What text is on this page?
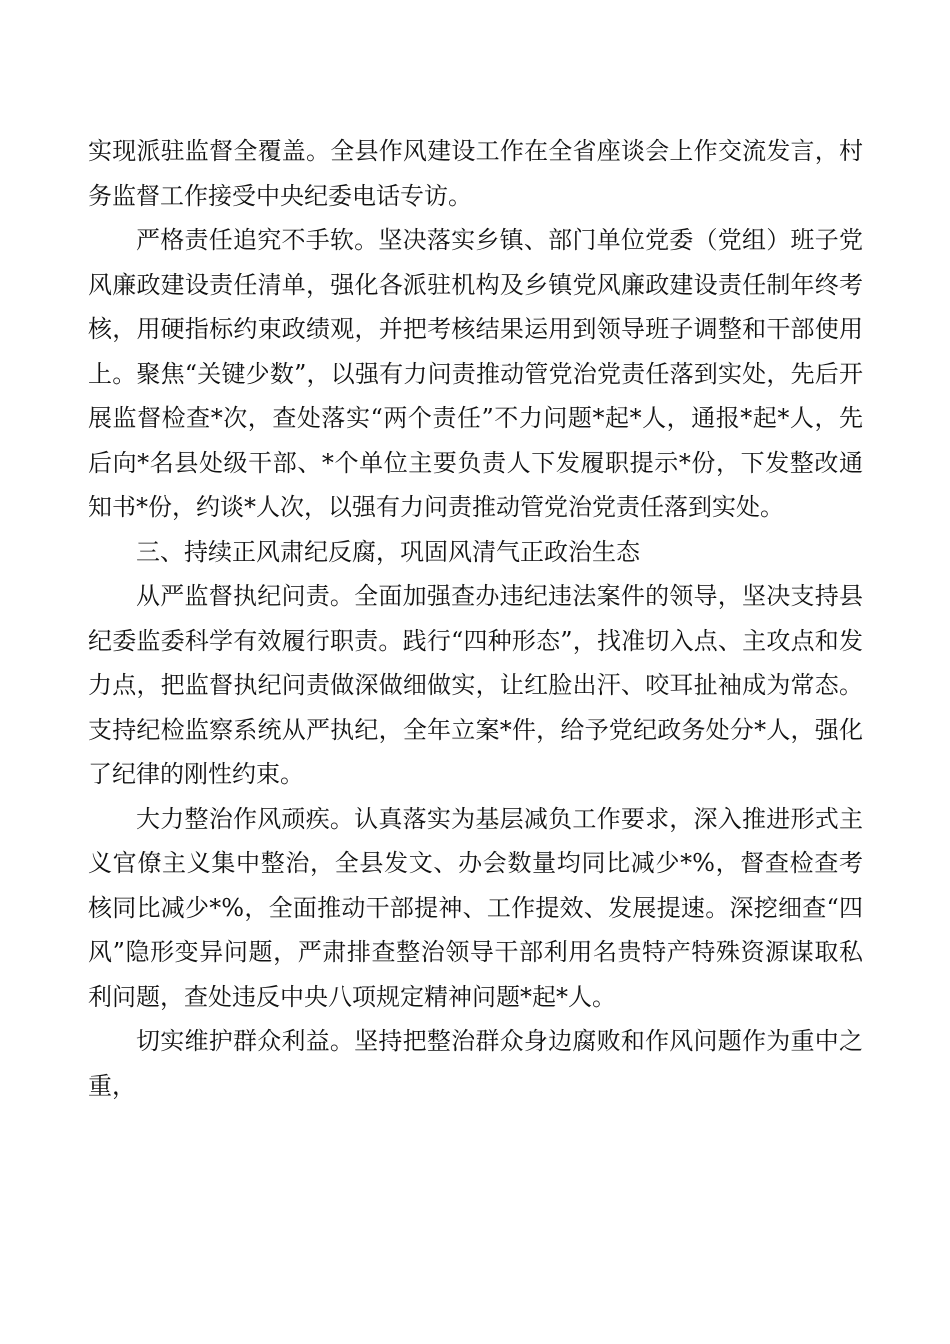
实现派驻监督全覆盖。全县作风建设工作在全省座谈会上作交流发言，村务监督工作接受中央纪委电话专访。

严格责任追究不手软。坚决落实乡镇、部门单位党委（党组）班子党风廉政建设责任清单，强化各派驻机构及乡镇党风廉政建设责任制年终考核，用硬指标约束政绩观，并把考核结果运用到领导班子调整和干部使用上。聚焦“关键少数”，以强有力问责推动管党治党责任落到实处，先后开展监督检查*次，查处落实“两个责任”不力问题*起*人，通报*起*人，先后向*名县处级干部、*个单位主要负责人下发履职提示*份，下发整改通知书*份，约谈*人次，以强有力问责推动管党治党责任落到实处。

三、持续正风肃纪反腐，巩固风清气正政治生态

从严监督执纪问责。全面加强查办违纪违法案件的领导，坚决支持县纪委监委科学有效履行职责。践行“四种形态”，找准切入点、主攻点和发力点，把监督执纪问责做深做细做实，让红脸出汗、咬耳扯袖成为常态。支持纪检监察系统从严执纪，全年立案*件，给予党纪政务处分*人，强化了纪律的刚性约束。

大力整治作风顽疾。认真落实为基层减负工作要求，深入推进形式主义官僚主义集中整治，全县发文、办会数量均同比减少*%，督查检查考核同比减少*%，全面推动干部提神、工作提效、发展提速。深挖细查“四风”隐形变异问题，严肃排查整治领导干部利用名贵特产特殊资源谋取私利问题，查处违反中央八项规定精神问题*起*人。

切实维护群众利益。坚持把整治群众身边腐败和作风问题作为重中之重，
